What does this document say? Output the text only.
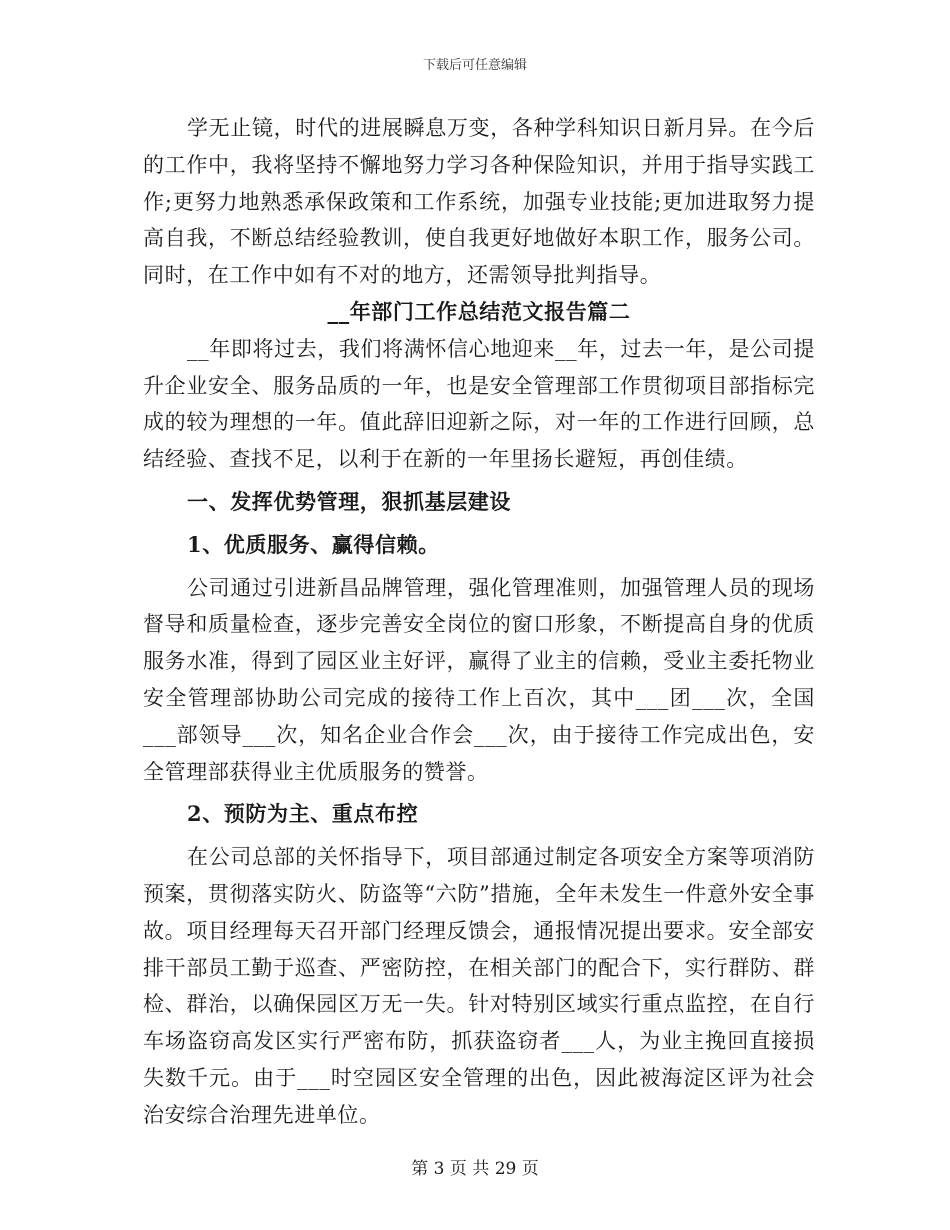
下载后可任意编辑

学无止镜，时代的进展瞬息万变，各种学科知识日新月异。在今后的工作中，我将坚持不懈地努力学习各种保险知识，并用于指导实践工作;更努力地熟悉承保政策和工作系统，加强专业技能;更加进取努力提高自我，不断总结经验教训，使自我更好地做好本职工作，服务公司。同时，在工作中如有不对的地方，还需领导批判指导。

__年部门工作总结范文报告篇二

__年即将过去，我们将满怀信心地迎来__年，过去一年，是公司提升企业安全、服务品质的一年，也是安全管理部工作贯彻项目部指标完成的较为理想的一年。值此辞旧迎新之际，对一年的工作进行回顾，总结经验、查找不足，以利于在新的一年里扬长避短，再创佳绩。

一、发挥优势管理，狠抓基层建设

1、优质服务、赢得信赖。

公司通过引进新昌品牌管理，强化管理准则，加强管理人员的现场督导和质量检查，逐步完善安全岗位的窗口形象，不断提高自身的优质服务水准，得到了园区业主好评，赢得了业主的信赖，受业主委托物业安全管理部协助公司完成的接待工作上百次，其中___团___次，全国___部领导___次，知名企业合作会___次，由于接待工作完成出色，安全管理部获得业主优质服务的赞誉。

2、预防为主、重点布控

在公司总部的关怀指导下，项目部通过制定各项安全方案等项消防预案，贯彻落实防火、防盗等“六防”措施，全年未发生一件意外安全事故。项目经理每天召开部门经理反馈会，通报情况提出要求。安全部安排干部员工勤于巡查、严密防控，在相关部门的配合下，实行群防、群检、群治，以确保园区万无一失。针对特别区域实行重点监控，在自行车场盗窃高发区实行严密布防，抓获盗窃者___人，为业主挽回直接损失数千元。由于___时空园区安全管理的出色，因此被海淀区评为社会治安综合治理先进单位。

第 3 页 共 29 页
